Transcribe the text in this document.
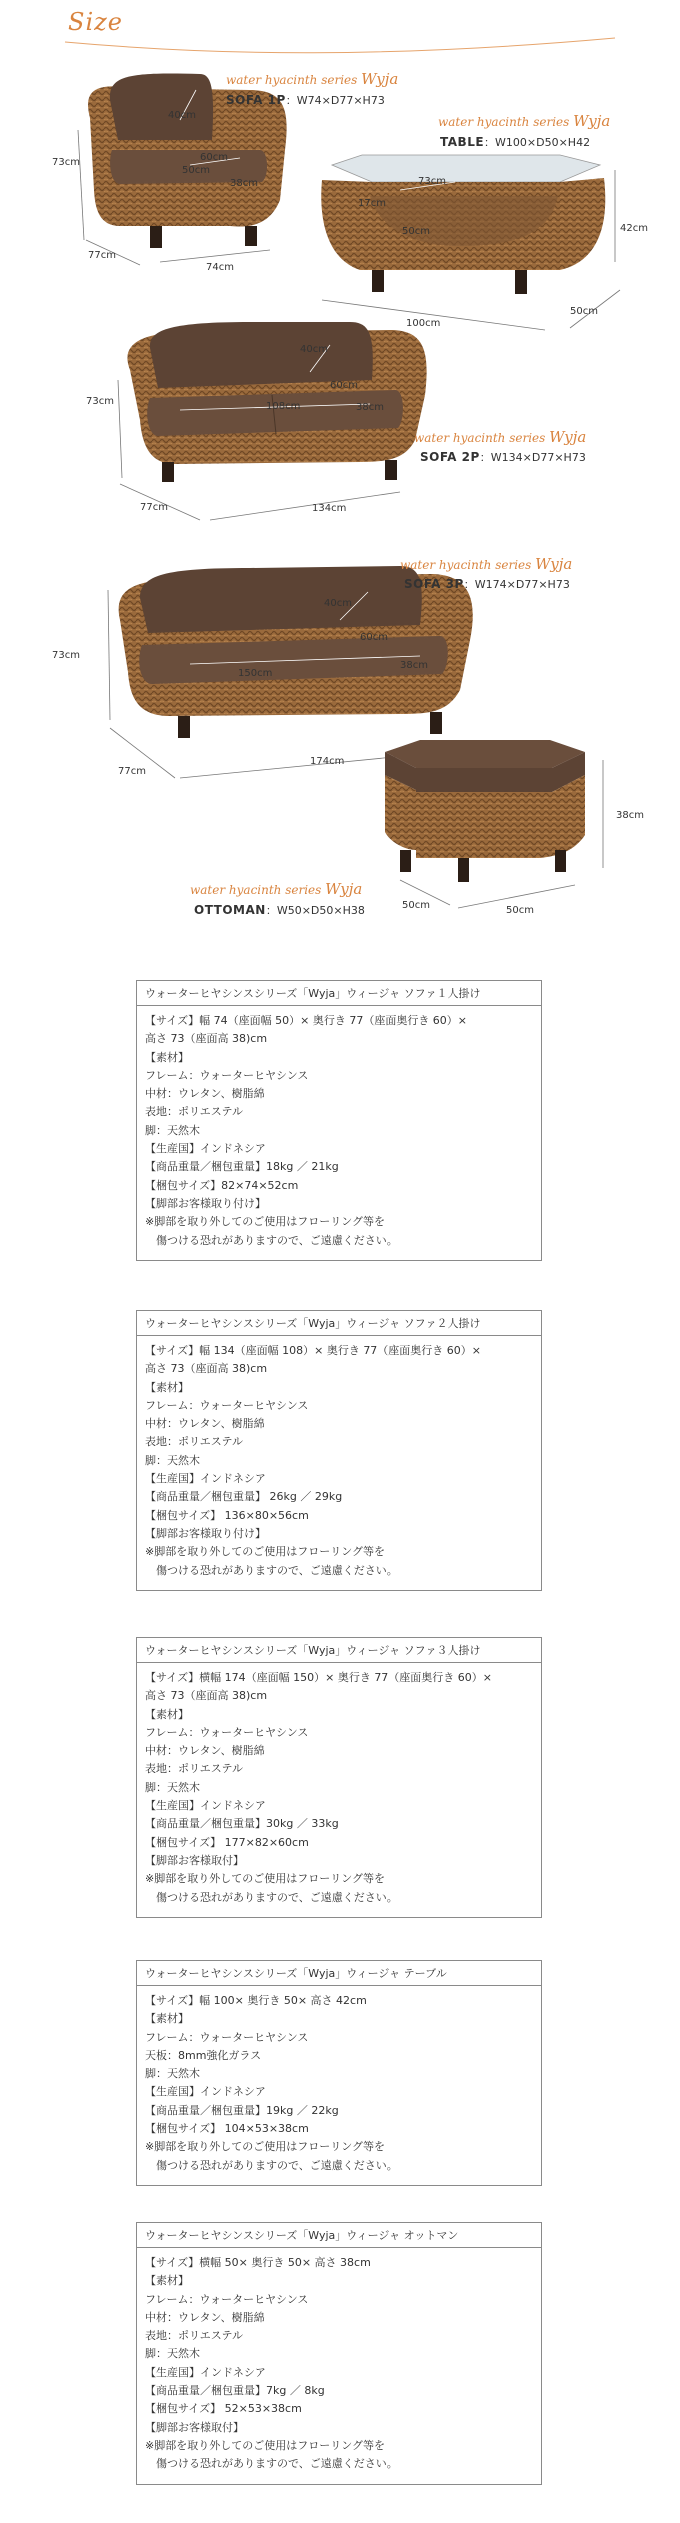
Size
water hyacinth series Wyja
SOFA 1P：W74×D77×H73
73cm
77cm
74cm
40cm
60cm
50cm
38cm
water hyacinth series Wyja
TABLE：W100×D50×H42
73cm
17cm
50cm	42cm
100cm
50cm
water hyacinth series Wyja
SOFA 2P：W134×D77×H73
73cm
77cm	134cm
40cm
60cm
108cm	38cm
water hyacinth series Wyja
SOFA 3P：W174×D77×H73
73cm
77cm
174cm
40cm
60cm
150cm
38cm
water hyacinth series Wyja
OTTOMAN：W50×D50×H38
38cm
50cm	50cm
ウォーターヒヤシンスシリーズ「Wyja」ウィージャ ソファ１人掛け
【サイズ】幅 74（座面幅 50）× 奥行き 77（座面奥行き 60）×
高さ 73（座面高 38)cm
【素材】
フレーム：ウォーターヒヤシンス
中材：ウレタン、樹脂綿
表地：ポリエステル
脚：天然木
【生産国】インドネシア
【商品重量／梱包重量】18kg ／ 21kg
【梱包サイズ】82×74×52cm
【脚部お客様取り付け】
※脚部を取り外してのご使用はフローリング等を
　傷つける恐れがありますので、ご遠慮ください。
ウォーターヒヤシンスシリーズ「Wyja」ウィージャ ソファ２人掛け
【サイズ】幅 134（座面幅 108）× 奥行き 77（座面奥行き 60）×
高さ 73（座面高 38)cm
【素材】
フレーム：ウォーターヒヤシンス
中材：ウレタン、樹脂綿
表地：ポリエステル
脚：天然木
【生産国】インドネシア
【商品重量／梱包重量】 26kg ／ 29kg
【梱包サイズ】 136×80×56cm
【脚部お客様取り付け】
※脚部を取り外してのご使用はフローリング等を
　傷つける恐れがありますので、ご遠慮ください。
ウォーターヒヤシンスシリーズ「Wyja」ウィージャ ソファ３人掛け
【サイズ】横幅 174（座面幅 150）× 奥行き 77（座面奥行き 60）×
高さ 73（座面高 38)cm
【素材】
フレーム：ウォーターヒヤシンス
中材：ウレタン、樹脂綿
表地：ポリエステル
脚：天然木
【生産国】インドネシア
【商品重量／梱包重量】30kg ／ 33kg
【梱包サイズ】 177×82×60cm
【脚部お客様取付】
※脚部を取り外してのご使用はフローリング等を
　傷つける恐れがありますので、ご遠慮ください。
ウォーターヒヤシンスシリーズ「Wyja」ウィージャ テーブル
【サイズ】幅 100× 奥行き 50× 高さ 42cm
【素材】
フレーム：ウォーターヒヤシンス
天板：8mm強化ガラス
脚：天然木
【生産国】インドネシア
【商品重量／梱包重量】19kg ／ 22kg
【梱包サイズ】 104×53×38cm
※脚部を取り外してのご使用はフローリング等を
　傷つける恐れがありますので、ご遠慮ください。
ウォーターヒヤシンスシリーズ「Wyja」ウィージャ オットマン
【サイズ】横幅 50× 奥行き 50× 高さ 38cm
【素材】
フレーム：ウォーターヒヤシンス
中材：ウレタン、樹脂綿
表地：ポリエステル
脚：天然木
【生産国】インドネシア
【商品重量／梱包重量】7kg ／ 8kg
【梱包サイズ】 52×53×38cm
【脚部お客様取付】
※脚部を取り外してのご使用はフローリング等を
　傷つける恐れがありますので、ご遠慮ください。
